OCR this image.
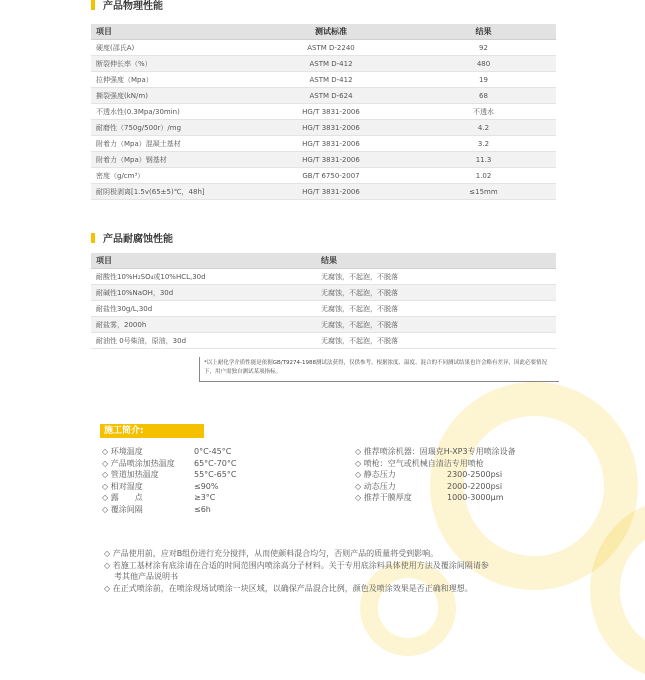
产品物理性能
项目	测试标准	结果
硬度(邵氏A)	ASTM D-2240	92
断裂伸长率（%）	ASTM D-412	480
拉伸强度（Mpa）	ASTM D-412	19
撕裂强度(kN/m)	ASTM D-624	68
不透水性(0.3Mpa/30min)	HG/T 3831-2006	不透水
耐磨性（750g/500r）/mg	HG/T 3831-2006	4.2
附着力（Mpa）混凝土基材	HG/T 3831-2006	3.2
附着力（Mpa）钢基材	HG/T 3831-2006	11.3
密度（g/cm³）	GB/T 6750-2007	1.02
耐阴极剥离[1.5v(65±5)℃，48h]	HG/T 3831-2006	≤15mm
产品耐腐蚀性能
项目	结果
耐酸性10%H₂SO₄或10%HCL,30d	无腐蚀，不起泡，不脱落
耐碱性10%NaOH，30d	无腐蚀，不起泡，不脱落
耐盐性30g/L,30d	无腐蚀，不起泡，不脱落
耐盐雾，2000h	无腐蚀，不起泡，不脱落
耐油性 0号柴油，原油，30d	无腐蚀，不起泡，不脱落
*以上耐化学介质性能是依据GB/T9274-1988测试法获得，仅供参考。根据浓度、温度、混合的不同测试结果也许会略有差异，因此必要情况下，用户需独自测试某项指标。
施工简介:
◇ 环境温度	0°C-45°C
◇ 产品喷涂加热温度 65°C-70°C
◇ 管道加热温度	55°C-65°C
◇ 相对湿度	≤90%
◇ 露　　点	≥3°C
◇ 覆涂间隔	≤6h
◇ 推荐喷涂机器：固瑞克H-XP3专用喷涂设备
◇ 喷枪：空气或机械自清洁专用喷枪
◇ 静态压力	2300-2500psi
◇ 动态压力	2000-2200psi
◇ 推荐干膜厚度	1000-3000μm
◇ 产品使用前，应对B组份进行充分搅拌，从而使颜料混合均匀，否则产品的质量将受到影响。
◇ 若施工基材涂有底涂请在合适的时间范围内喷涂高分子材料。关于专用底涂料具体使用方法及覆涂间隔请参
考其他产品说明书
◇ 在正式喷涂前，在喷涂现场试喷涂一块区域，以确保产品混合比例，颜色及喷涂效果是否正确和理想。
